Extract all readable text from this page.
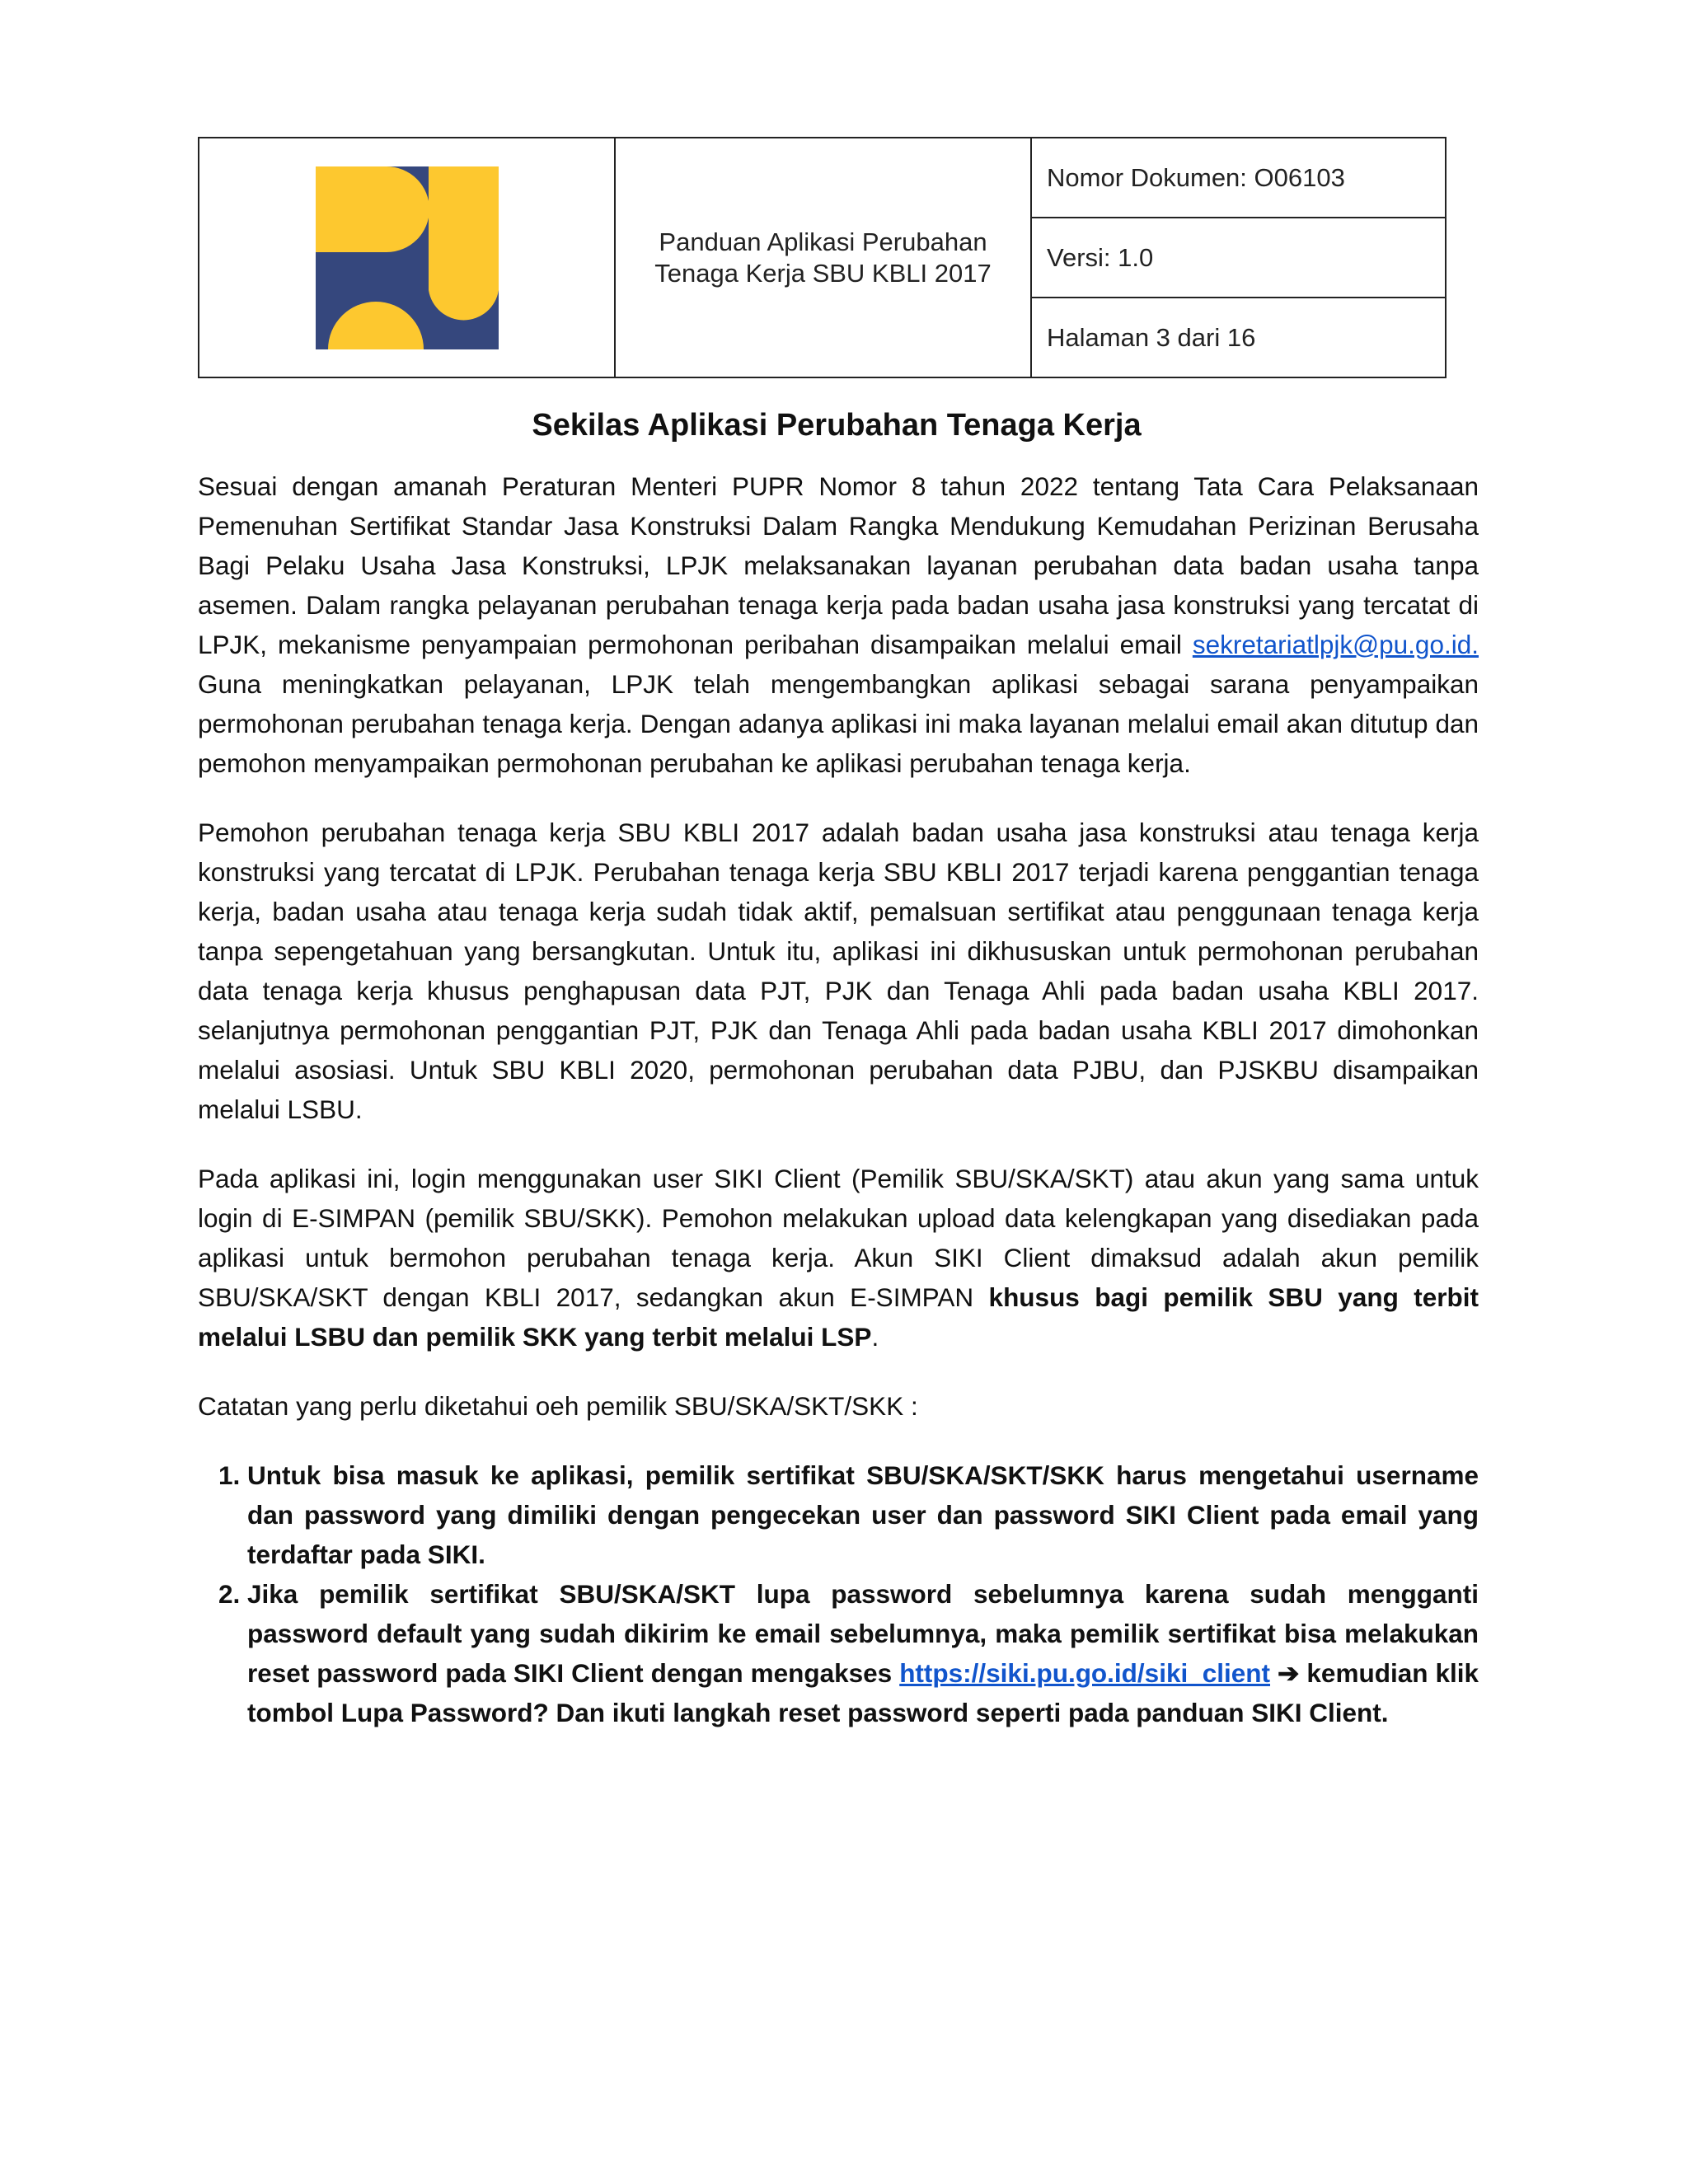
	Panduan Aplikasi Perubahan Tenaga Kerja SBU KBLI 2017	Nomor Dokumen: O06103
Versi: 1.0
Halaman 3 dari 16
Sekilas Aplikasi Perubahan Tenaga Kerja

Sesuai dengan amanah Peraturan Menteri PUPR Nomor 8 tahun 2022 tentang Tata Cara Pelaksanaan Pemenuhan Sertifikat Standar Jasa Konstruksi Dalam Rangka Mendukung Kemudahan Perizinan Berusaha Bagi Pelaku Usaha Jasa Konstruksi, LPJK melaksanakan layanan perubahan data badan usaha tanpa asemen. Dalam rangka pelayanan perubahan tenaga kerja pada badan usaha jasa konstruksi yang tercatat di LPJK, mekanisme penyampaian permohonan peribahan disampaikan melalui email sekretariatlpjk@pu.go.id. Guna meningkatkan pelayanan, LPJK telah mengembangkan aplikasi sebagai sarana penyampaikan permohonan perubahan tenaga kerja. Dengan adanya aplikasi ini maka layanan melalui email akan ditutup dan pemohon menyampaikan permohonan perubahan ke aplikasi perubahan tenaga kerja.

Pemohon perubahan tenaga kerja SBU KBLI 2017 adalah badan usaha jasa konstruksi atau tenaga kerja konstruksi yang tercatat di LPJK. Perubahan tenaga kerja SBU KBLI 2017 terjadi karena penggantian tenaga kerja, badan usaha atau tenaga kerja sudah tidak aktif, pemalsuan sertifikat atau penggunaan tenaga kerja tanpa sepengetahuan yang bersangkutan. Untuk itu, aplikasi ini dikhususkan untuk permohonan perubahan data tenaga kerja khusus penghapusan data PJT, PJK dan Tenaga Ahli pada badan usaha KBLI 2017. selanjutnya permohonan penggantian PJT, PJK dan Tenaga Ahli pada badan usaha KBLI 2017 dimohonkan melalui asosiasi. Untuk SBU KBLI 2020, permohonan perubahan data PJBU, dan PJSKBU disampaikan melalui LSBU.

Pada aplikasi ini, login menggunakan user SIKI Client (Pemilik SBU/SKA/SKT) atau akun yang sama untuk login di E-SIMPAN (pemilik SBU/SKK). Pemohon melakukan upload data kelengkapan yang disediakan pada aplikasi untuk bermohon perubahan tenaga kerja. Akun SIKI Client dimaksud adalah akun pemilik SBU/SKA/SKT dengan KBLI 2017, sedangkan akun E-SIMPAN khusus bagi pemilik SBU yang terbit melalui LSBU dan pemilik SKK yang terbit melalui LSP.

Catatan yang perlu diketahui oeh pemilik SBU/SKA/SKT/SKK :

1. Untuk bisa masuk ke aplikasi, pemilik sertifikat SBU/SKA/SKT/SKK harus mengetahui username dan password yang dimiliki dengan pengecekan user dan password SIKI Client pada email yang terdaftar pada SIKI.
2. Jika pemilik sertifikat SBU/SKA/SKT lupa password sebelumnya karena sudah mengganti password default yang sudah dikirim ke email sebelumnya, maka pemilik sertifikat bisa melakukan reset password pada SIKI Client dengan mengakses https://siki.pu.go.id/siki_client ➔ kemudian klik tombol Lupa Password? Dan ikuti langkah reset password seperti pada panduan SIKI Client.
